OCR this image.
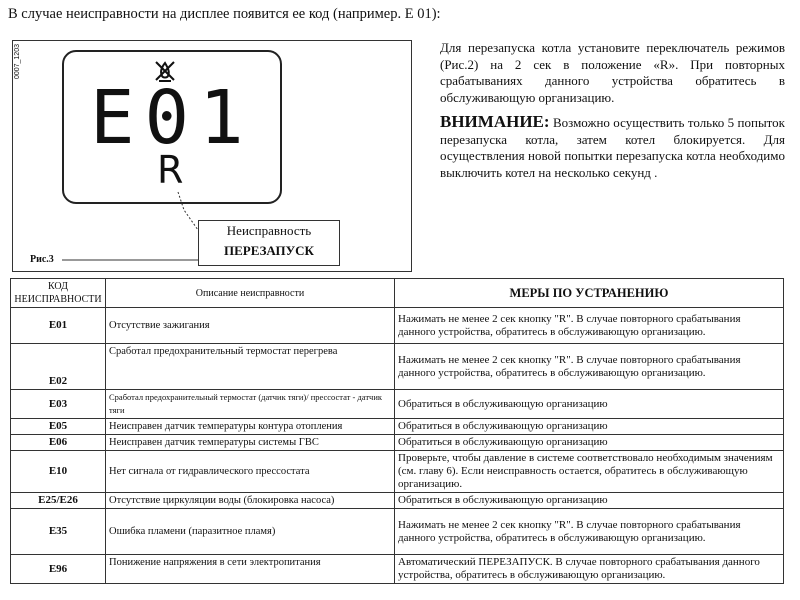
В случае неисправности на дисплее появится ее код (например. Е 01):
0007_1203
E01
R
Неисправность
ПЕРЕЗАПУСК
Рис.3
Для перезапуска котла установите переключатель режимов (Рис.2) на 2 сек в положение «R». При повторных срабатываниях данного устройства обратитесь в обслуживающую организацию.
ВНИМАНИЕ: Возможно осуществить только 5 попыток перезапуска котла, затем котел блокируется. Для осуществления новой попытки перезапуска котла необходимо выключить котел на несколько секунд .
КОД НЕИСПРАВНОСТИ	Описание неисправности	МЕРЫ ПО УСТРАНЕНИЮ
E01	Отсутствие зажигания	Нажимать не менее 2 сек кнопку "R". В случае повторного срабатывания данного устройства, обратитесь в обслуживающую организацию.
E02	Сработал предохранительный термостат перегрева	Нажимать не менее 2 сек кнопку "R". В случае повторного срабатывания данного устройства, обратитесь в обслуживающую организацию.
E03	Сработал предохранительный термостат (датчик тяги)/ прессостат - датчик тяги	Обратиться в обслуживающую организацию
E05	Неисправен датчик температуры контура отопления	Обратиться в обслуживающую организацию
E06	Неисправен датчик температуры системы ГВС	Обратиться в обслуживающую организацию
E10	Нет сигнала от гидравлического прессостата	Проверьте, чтобы давление в системе соответствовало необходимым значениям (см. главу 6). Если неисправность остается, обратитесь в обслуживающую организацию.
E25/E26	Отсутствие циркуляции воды (блокировка насоса)	Обратиться в обслуживающую организацию
E35	Ошибка пламени (паразитное пламя)	Нажимать не менее 2 сек кнопку "R". В случае повторного срабатывания данного устройства, обратитесь в обслуживающую организацию.
E96	Понижение напряжения в сети электропитания	Автоматический ПЕРЕЗАПУСК. В случае повторного срабатывания данного устройства, обратитесь в обслуживающую организацию.
